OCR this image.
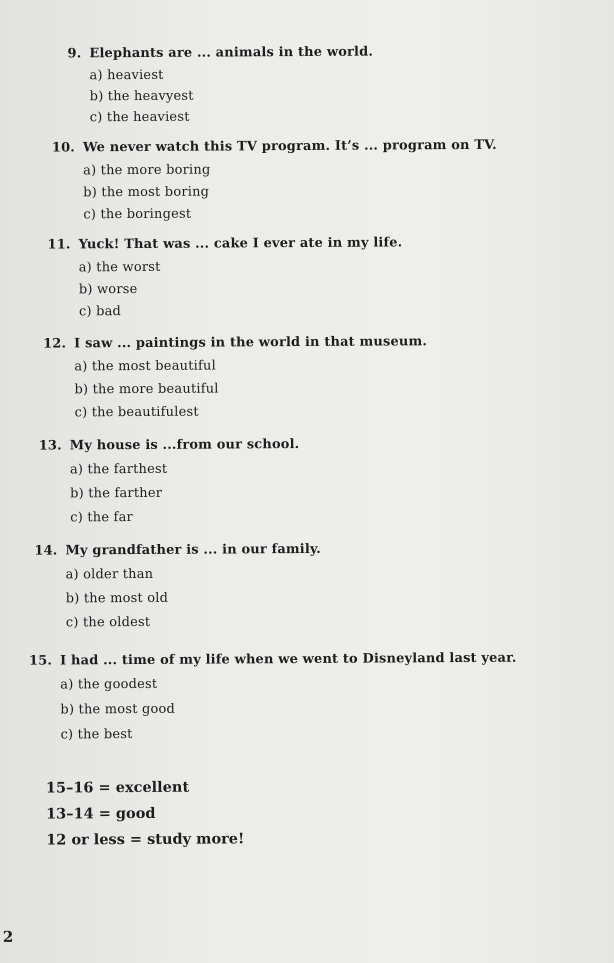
9. Elephants are ... animals in the world.
a) heaviest
b) the heavyest
c) the heaviest
10. We never watch this TV program. It’s ... program on TV.
a) the more boring
b) the most boring
c) the boringest
11. Yuck! That was ... cake I ever ate in my life.
a) the worst
b) worse
c) bad
12. I saw ... paintings in the world in that museum.
a) the most beautiful
b) the more beautiful
c) the beautifulest
13. My house is ...from our school.
a) the farthest
b) the farther
c) the far
14. My grandfather is ... in our family.
a) older than
b) the most old
c) the oldest
15. I had ... time of my life when we went to Disneyland last year.
a) the goodest
b) the most good
c) the best
15–16 = excellent
13–14 = good
12 or less = study more!
2
